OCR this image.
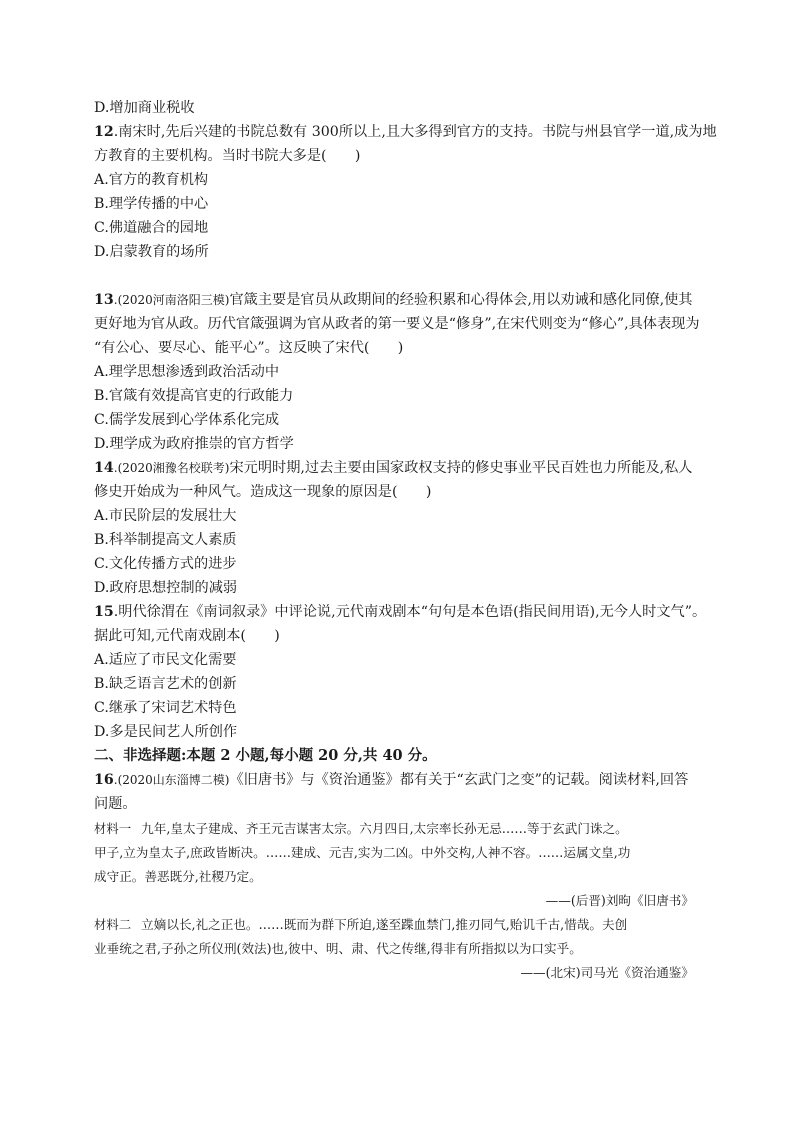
D.增加商业税收
12.南宋时,先后兴建的书院总数有 300所以上,且大多得到官方的支持。书院与州县官学一道,成为地
方教育的主要机构。当时书院大多是(　　)
A.官方的教育机构
B.理学传播的中心
C.佛道融合的园地
D.启蒙教育的场所
13.(2020河南洛阳三模)官箴主要是官员从政期间的经验积累和心得体会,用以劝诫和感化同僚,使其
更好地为官从政。历代官箴强调为官从政者的第一要义是“修身”,在宋代则变为“修心”,具体表现为
“有公心、要尽心、能平心”。这反映了宋代(　　)
A.理学思想渗透到政治活动中
B.官箴有效提高官吏的行政能力
C.儒学发展到心学体系化完成
D.理学成为政府推崇的官方哲学
14.(2020湘豫名校联考)宋元明时期,过去主要由国家政权支持的修史事业平民百姓也力所能及,私人
修史开始成为一种风气。造成这一现象的原因是(　　)
A.市民阶层的发展壮大
B.科举制提高文人素质
C.文化传播方式的进步
D.政府思想控制的减弱
15.明代徐渭在《南词叙录》中评论说,元代南戏剧本“句句是本色语(指民间用语),无今人时文气”。
据此可知,元代南戏剧本(　　)
A.适应了市民文化需要
B.缺乏语言艺术的创新
C.继承了宋词艺术特色
D.多是民间艺人所创作
二、非选择题:本题 2 小题,每小题 20 分,共 40 分。
16.(2020山东淄博二模)《旧唐书》与《资治通鉴》都有关于“玄武门之变”的记载。阅读材料,回答
问题。
材料一 九年,皇太子建成、齐王元吉谋害太宗。六月四日,太宗率长孙无忌……等于玄武门诛之。
甲子,立为皇太子,庶政皆断决。……建成、元吉,实为二凶。中外交构,人神不容。……运属文皇,功
成守正。善恶既分,社稷乃定。
——(后晋)刘昫《旧唐书》
材料二 立嫡以长,礼之正也。……既而为群下所迫,遂至蹀血禁门,推刃同气,贻讥千古,惜哉。夫创
业垂统之君,子孙之所仪刑(效法)也,彼中、明、肃、代之传继,得非有所指拟以为口实乎。
——(北宋)司马光《资治通鉴》
